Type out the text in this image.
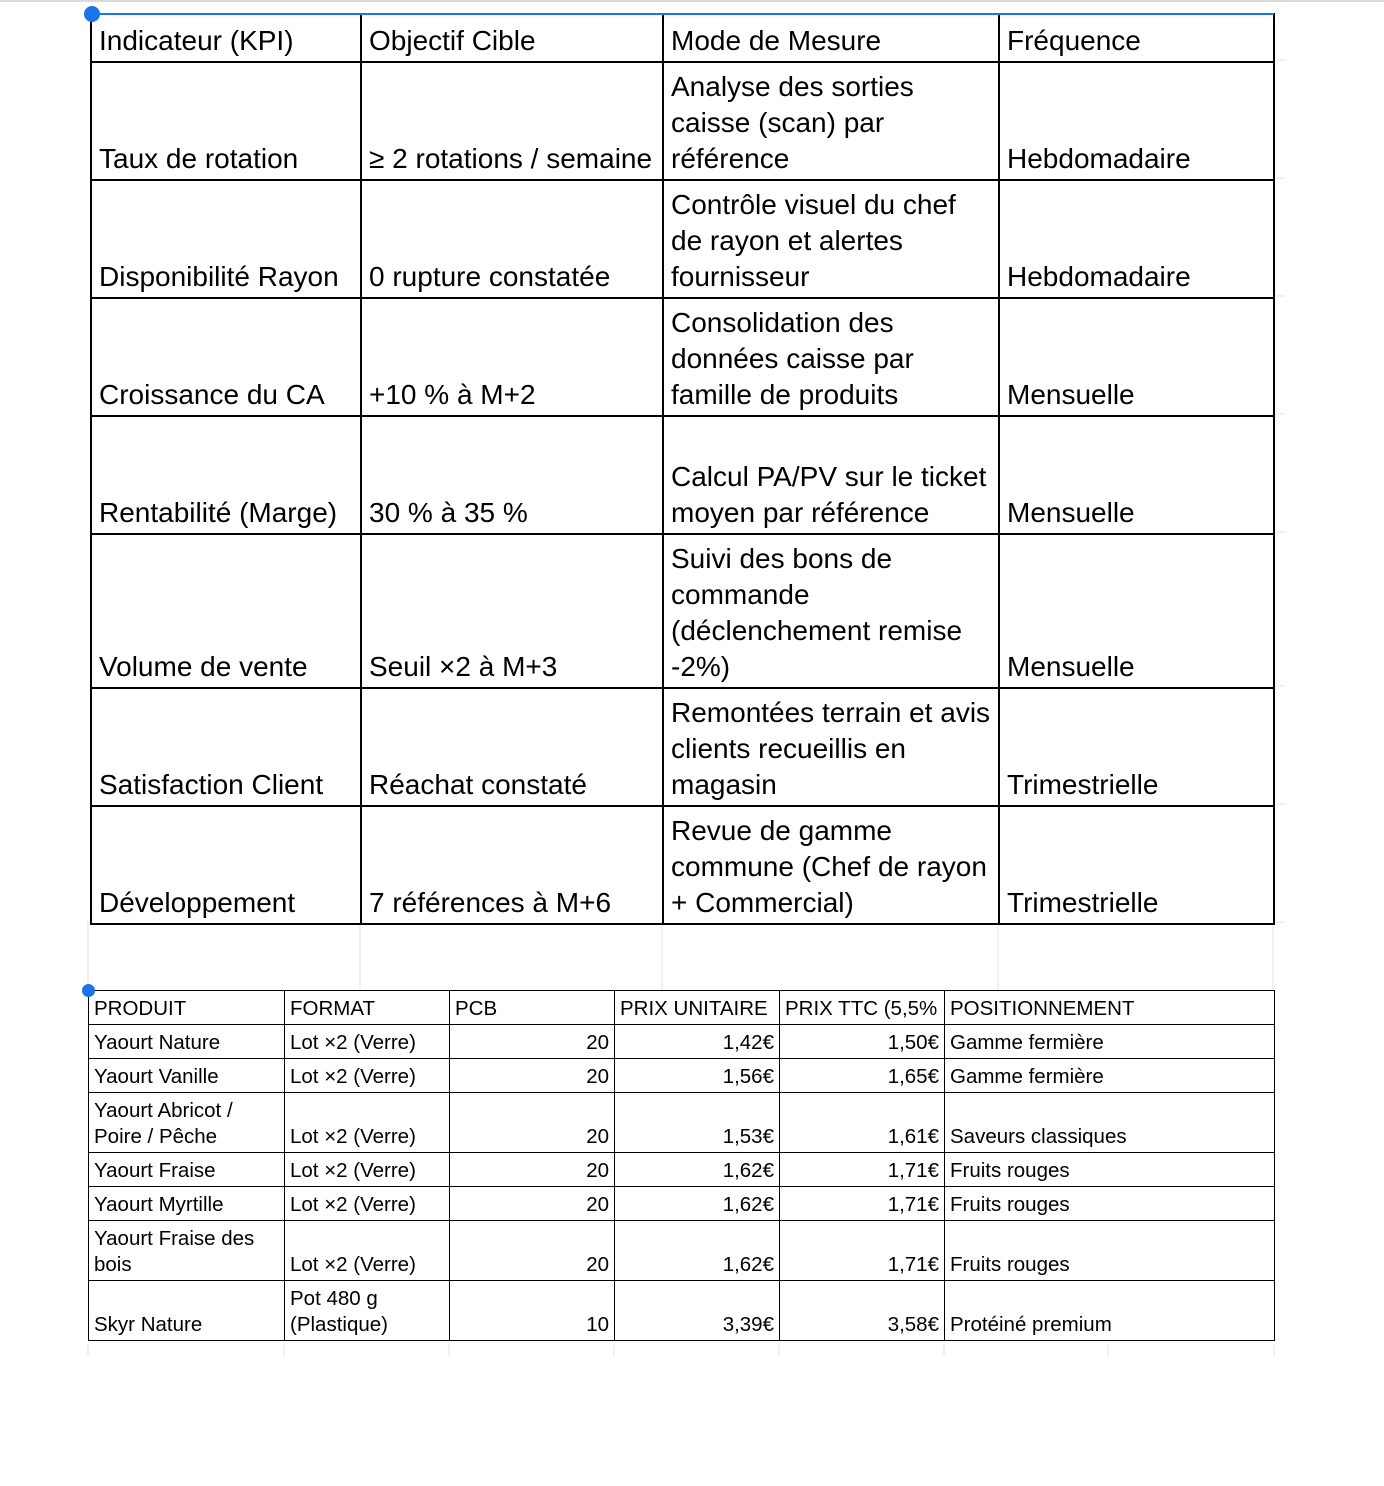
Indicateur (KPI)	Objectif Cible	Mode de Mesure	Fréquence
Taux de rotation	≥ 2 rotations / semaine	Analyse des sorties caisse (scan) par référence	Hebdomadaire
Disponibilité Rayon	0 rupture constatée	Contrôle visuel du chef de rayon et alertes fournisseur	Hebdomadaire
Croissance du CA	+10 % à M+2	Consolidation des données caisse par famille de produits	Mensuelle
Rentabilité (Marge)	30 % à 35 %	Calcul PA/PV sur le ticket moyen par référence	Mensuelle
Volume de vente	Seuil ×2 à M+3	Suivi des bons de commande (déclenchement remise -2%)	Mensuelle
Satisfaction Client	Réachat constaté	Remontées terrain et avis clients recueillis en magasin	Trimestrielle
Développement	7 références à M+6	Revue de gamme commune (Chef de rayon + Commercial)	Trimestrielle
PRODUIT	FORMAT	PCB	PRIX UNITAIRE	PRIX TTC (5,5%	POSITIONNEMENT
Yaourt Nature	Lot ×2 (Verre)	20	1,42€	1,50€	Gamme fermière
Yaourt Vanille	Lot ×2 (Verre)	20	1,56€	1,65€	Gamme fermière
Yaourt Abricot / Poire / Pêche	Lot ×2 (Verre)	20	1,53€	1,61€	Saveurs classiques
Yaourt Fraise	Lot ×2 (Verre)	20	1,62€	1,71€	Fruits rouges
Yaourt Myrtille	Lot ×2 (Verre)	20	1,62€	1,71€	Fruits rouges
Yaourt Fraise des bois	Lot ×2 (Verre)	20	1,62€	1,71€	Fruits rouges
Skyr Nature	Pot 480 g (Plastique)	10	3,39€	3,58€	Protéiné premium
